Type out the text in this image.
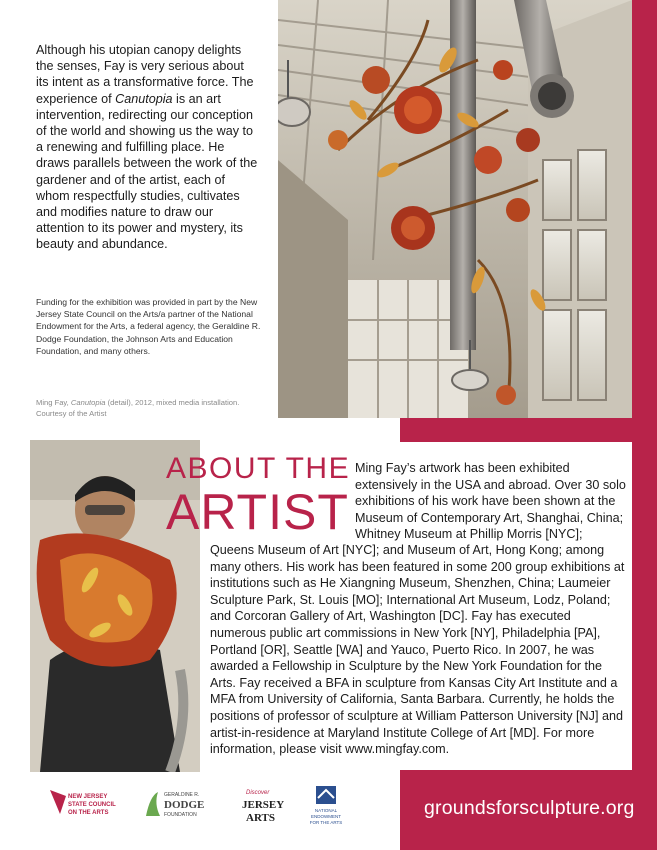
Although his utopian canopy delights the senses, Fay is very serious about its intent as a transformative force. The experience of Canutopia is an art intervention, redirecting our conception of the world and showing us the way to a renewing and fulfilling place. He draws parallels between the work of the gardener and of the artist, each of whom respectfully studies, cultivates and modifies nature to draw our attention to its power and mystery, its beauty and abundance.

Funding for the exhibition was provided in part by the New Jersey State Council on the Arts/a partner of the National Endowment for the Arts, a federal agency, the Geraldine R. Dodge Foundation, the Johnson Arts and Education Foundation, and many others.

Ming Fay, Canutopia (detail), 2012, mixed media installation.
Courtesy of the Artist

ABOUT THE
ARTIST

Ming Fay’s artwork has been exhibited extensively in the USA and abroad. Over 30 solo exhibitions of his work have been shown at the Museum of Contemporary Art, Shanghai, China; Whitney Museum at Phillip Morris [NYC];

Queens Museum of Art [NYC]; and Museum of Art, Hong Kong; among many others. His work has been featured in some 200 group exhibitions at institutions such as He Xiangning Museum, Shenzhen, China; Laumeier Sculpture Park, St. Louis [MO]; International Art Museum, Lodz, Poland; and Corcoran Gallery of Art, Washington [DC]. Fay has executed numerous public art commissions in New York [NY], Philadelphia [PA], Portland [OR], Seattle [WA] and Yauco, Puerto Rico. In 2007, he was awarded a Fellowship in Sculpture by the New York Foundation for the Arts. Fay received a BFA in sculpture from Kansas City Art Institute and a MFA from University of California, Santa Barbara. Currently, he holds the positions of professor of sculpture at William Patterson University [NJ] and artist-in-residence at Maryland Institute College of Art [MD]. For more information, please visit www.mingfay.com.

NEW JERSEY
STATE COUNCIL
ON THE ARTS
GERALDINE R.
DODGE
FOUNDATION
Discover
JERSEY
ARTS
NATIONAL
ENDOWMENT
FOR THE ARTS
groundsforsculpture.org
